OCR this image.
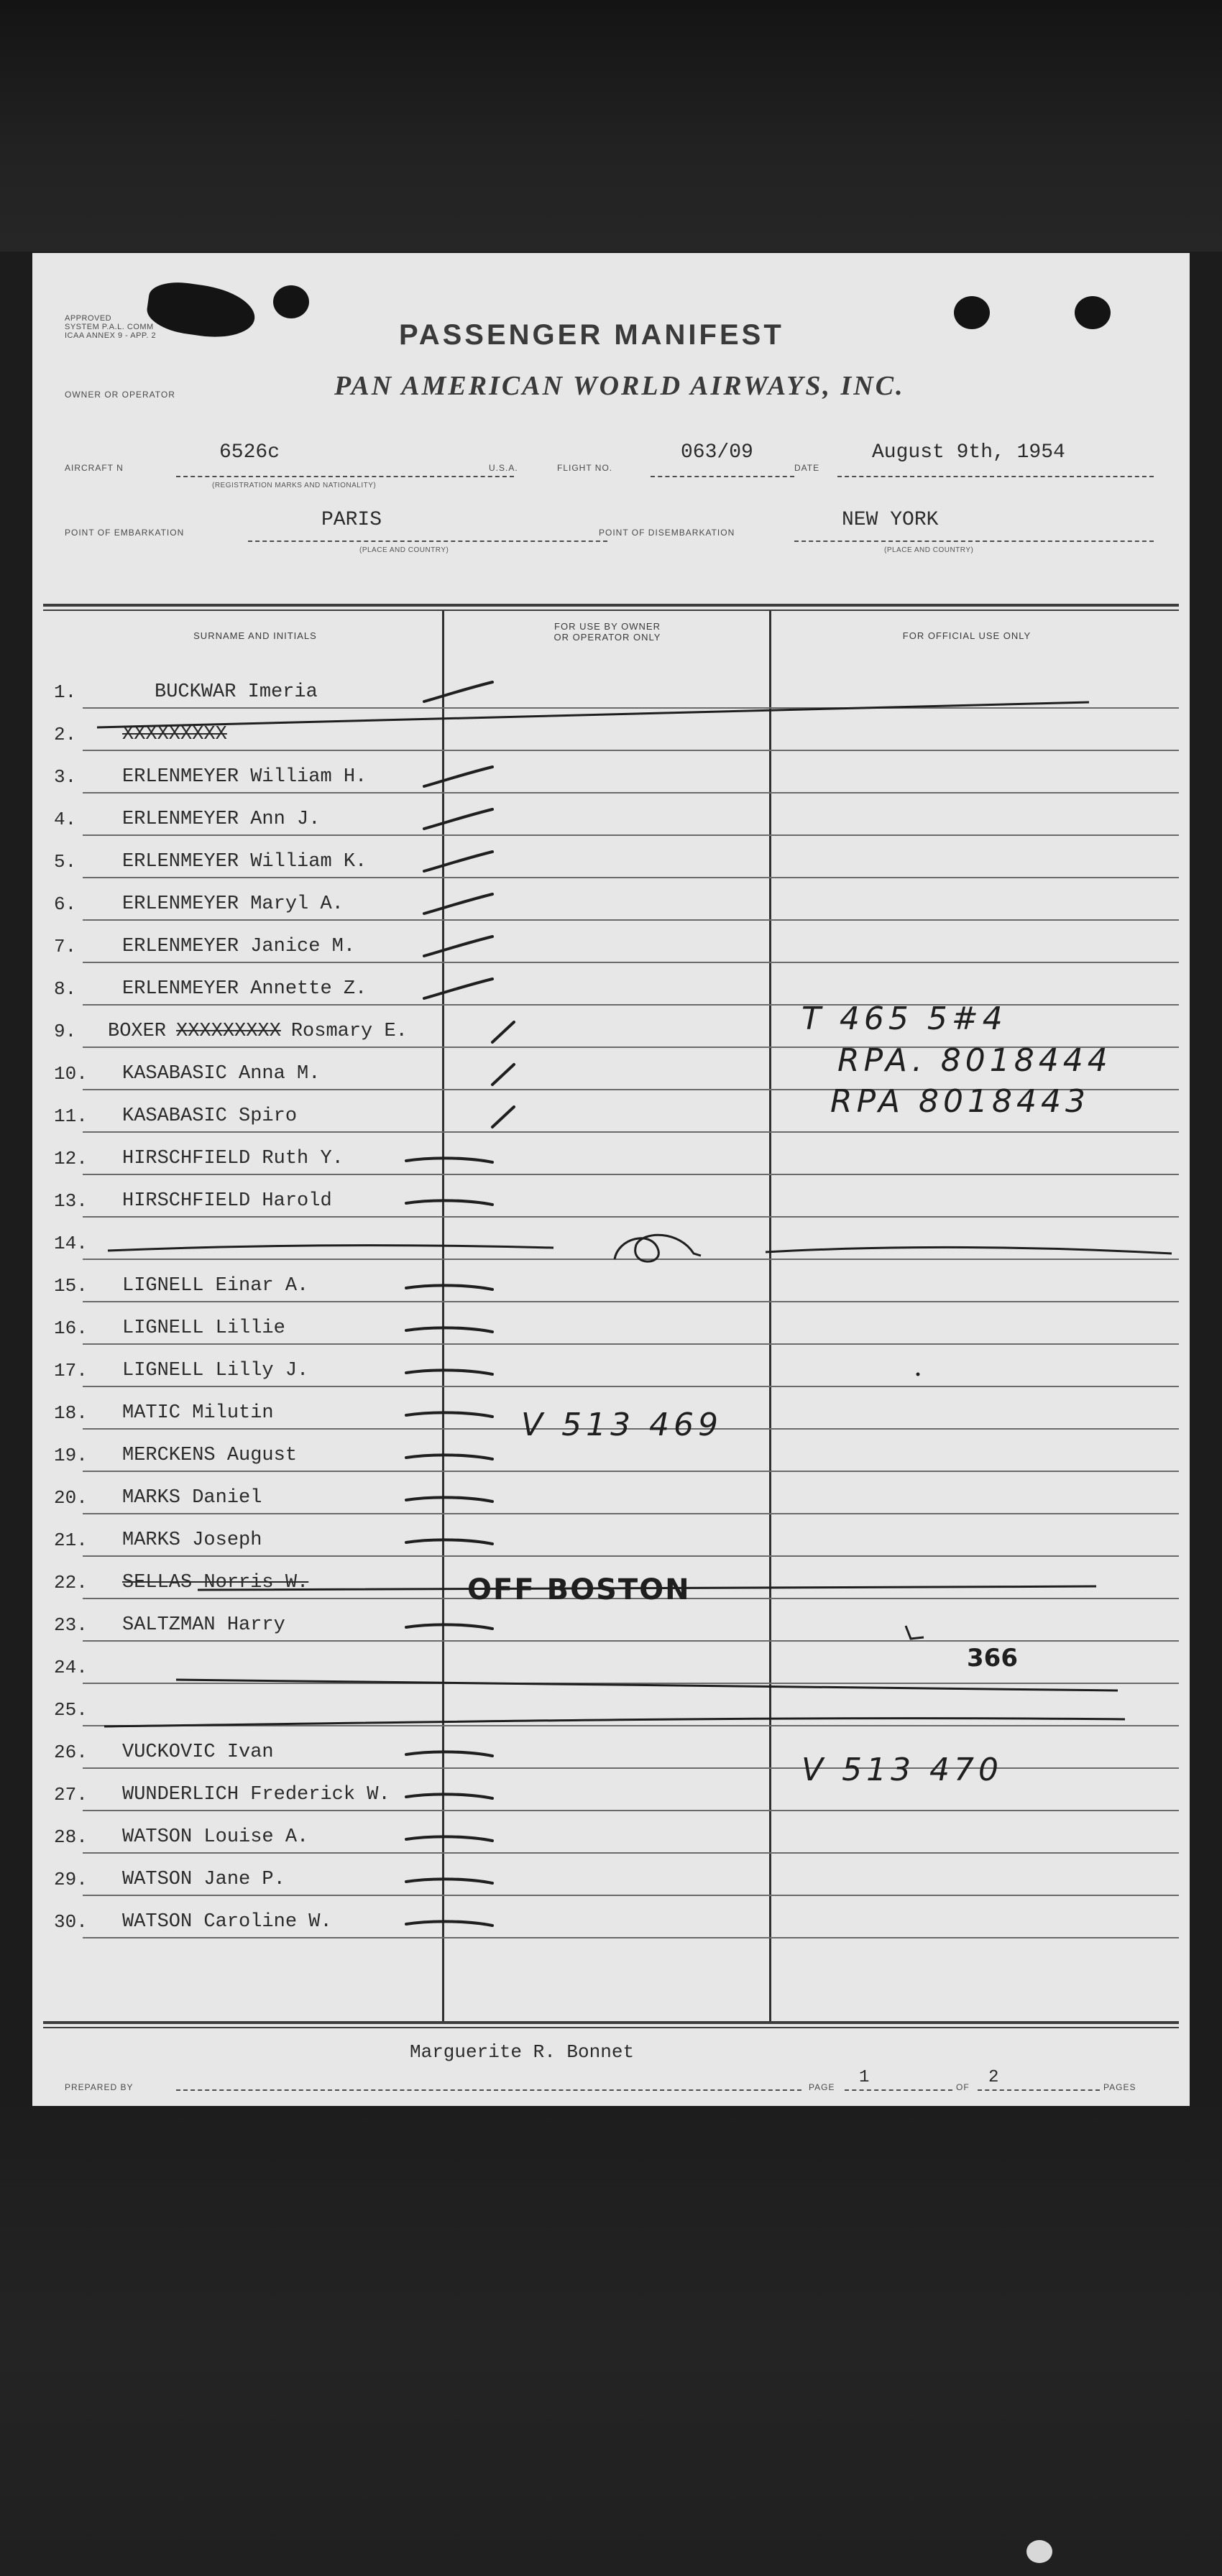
APPROVED
SYSTEM P.A.L. COMM
ICAA ANNEX 9 - APP. 2	PASSENGER MANIFEST
OWNER OR OPERATOR	PAN AMERICAN WORLD AIRWAYS, INC.
AIRCRAFT N
6526c
(REGISTRATION MARKS AND NATIONALITY)
U.S.A.	FLIGHT NO.
063/09
DATE
August 9th, 1954
POINT OF EMBARKATION
PARIS
(PLACE AND COUNTRY)
POINT OF DISEMBARKATION
NEW YORK
(PLACE AND COUNTRY)
SURNAME AND INITIALS
FOR USE BY OWNER
OR OPERATOR ONLY	FOR OFFICIAL USE ONLY
1.	BUCKWAR Imeria
2. XXXXXXXXX
3. ERLENMEYER William H.
4. ERLENMEYER Ann J.
5. ERLENMEYER William K.
6. ERLENMEYER Maryl A.
7. ERLENMEYER Janice M.
8. ERLENMEYER Annette Z.
9. BOXER XXXXXXXXX Rosmary E.
10. KASABASIC Anna M.
11. KASABASIC Spiro
12. HIRSCHFIELD Ruth Y.
13. HIRSCHFIELD Harold
14.
15. LIGNELL Einar A.
16. LIGNELL Lillie
17. LIGNELL Lilly J.
18. MATIC Milutin
19. MERCKENS August
20. MARKS Daniel
21. MARKS Joseph
22. SELLAS Norris W.
23. SALTZMAN Harry
24.
25.
26. VUCKOVIC Ivan
27. WUNDERLICH Frederick W.
28. WATSON Louise A.
29. WATSON Jane P.
30. WATSON Caroline W.
T 465 5#4
RPA. 8018444
RPA 8018443
V 513 469
OFF BOSTON
366
V 513 470
Marguerite R. Bonnet
PREPARED BY	PAGE 1	OF 2	PAGES
